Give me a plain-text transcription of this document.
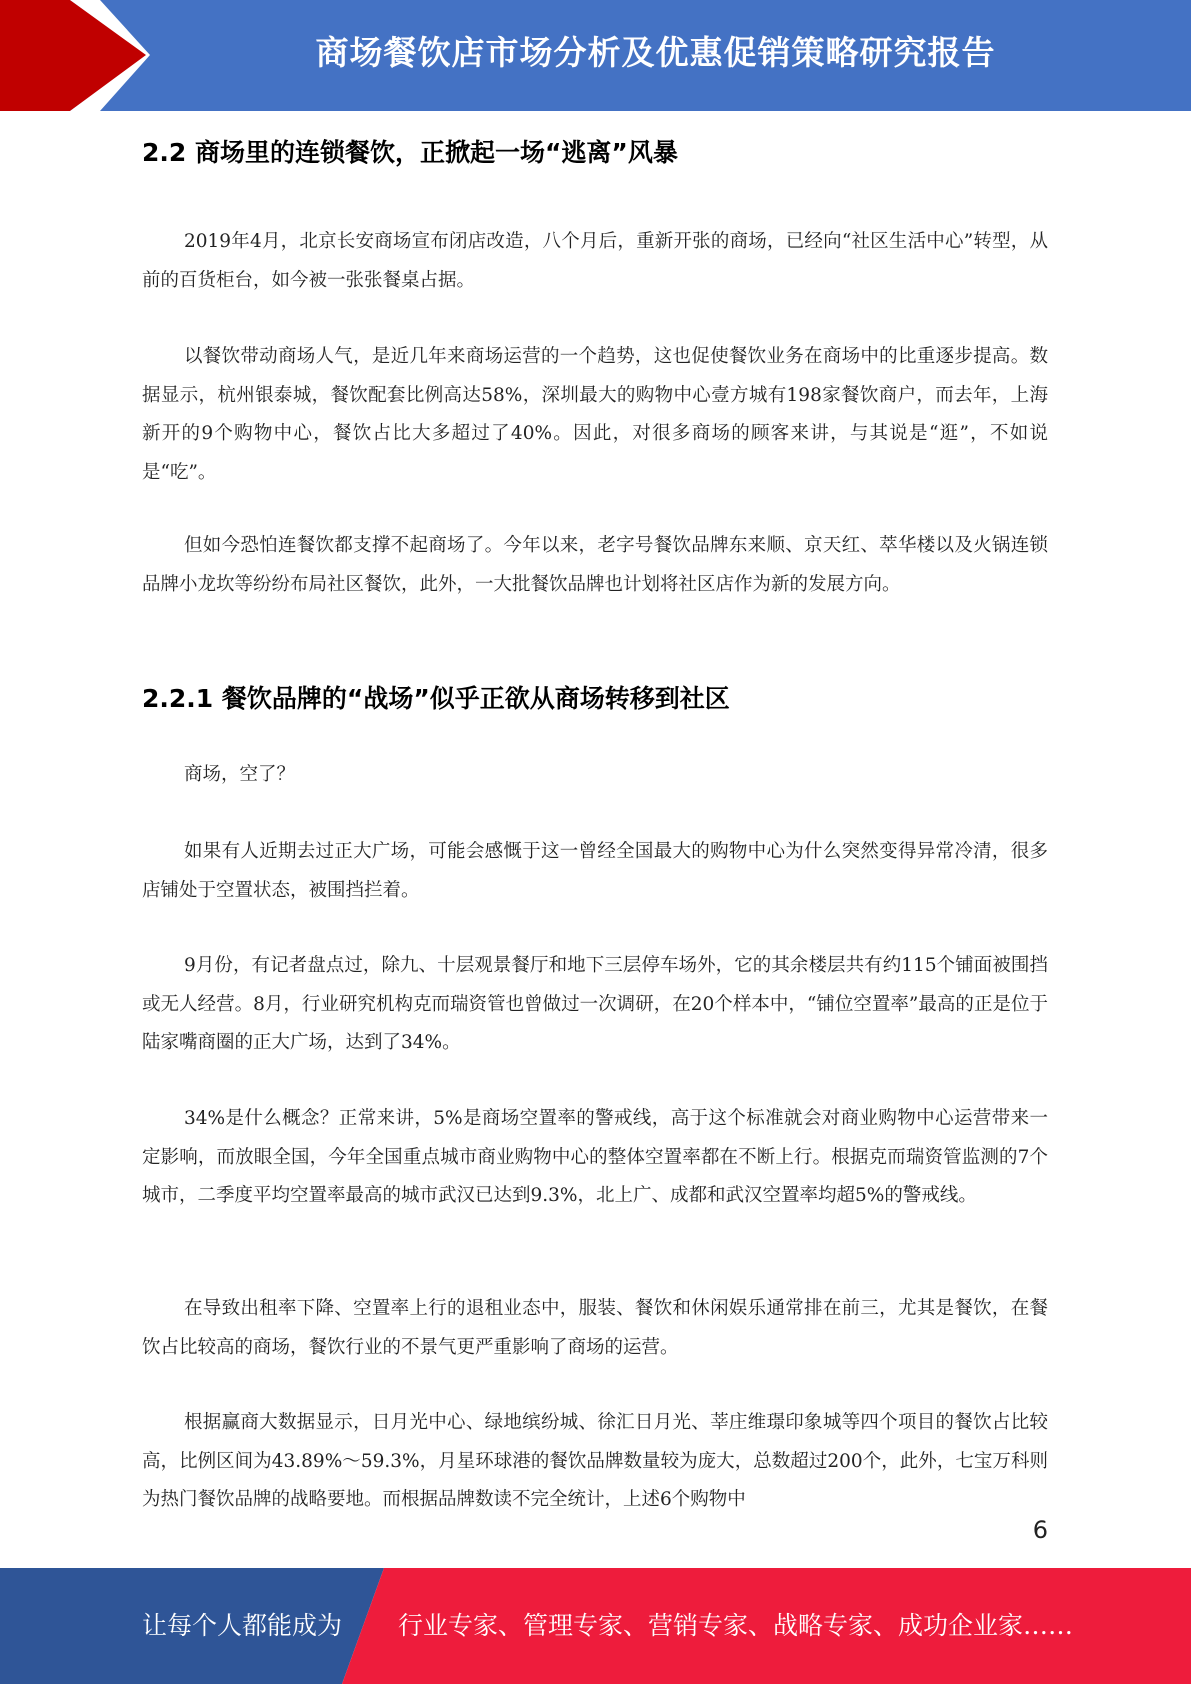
商场餐饮店市场分析及优惠促销策略研究报告
2.2 商场里的连锁餐饮，正掀起一场“逃离”风暴

2019年4月，北京长安商场宣布闭店改造，八个月后，重新开张的商场，已经向“社区生活中心”转型，从前的百货柜台，如今被一张张餐桌占据。

以餐饮带动商场人气，是近几年来商场运营的一个趋势，这也促使餐饮业务在商场中的比重逐步提高。数据显示，杭州银泰城，餐饮配套比例高达58%，深圳最大的购物中心壹方城有198家餐饮商户，而去年，上海新开的9个购物中心，餐饮占比大多超过了40%。因此，对很多商场的顾客来讲，与其说是“逛”，不如说是“吃”。

但如今恐怕连餐饮都支撑不起商场了。今年以来，老字号餐饮品牌东来顺、京天红、萃华楼以及火锅连锁品牌小龙坎等纷纷布局社区餐饮，此外，一大批餐饮品牌也计划将社区店作为新的发展方向。

2.2.1 餐饮品牌的“战场”似乎正欲从商场转移到社区

商场，空了？

如果有人近期去过正大广场，可能会感慨于这一曾经全国最大的购物中心为什么突然变得异常冷清，很多店铺处于空置状态，被围挡拦着。

9月份，有记者盘点过，除九、十层观景餐厅和地下三层停车场外，它的其余楼层共有约115个铺面被围挡或无人经营。8月，行业研究机构克而瑞资管也曾做过一次调研，在20个样本中，“铺位空置率”最高的正是位于陆家嘴商圈的正大广场，达到了34%。

34%是什么概念？正常来讲，5%是商场空置率的警戒线，高于这个标准就会对商业购物中心运营带来一定影响，而放眼全国，今年全国重点城市商业购物中心的整体空置率都在不断上行。根据克而瑞资管监测的7个城市，二季度平均空置率最高的城市武汉已达到9.3%，北上广、成都和武汉空置率均超5%的警戒线。

在导致出租率下降、空置率上行的退租业态中，服装、餐饮和休闲娱乐通常排在前三，尤其是餐饮，在餐饮占比较高的商场，餐饮行业的不景气更严重影响了商场的运营。

根据赢商大数据显示，日月光中心、绿地缤纷城、徐汇日月光、莘庄维璟印象城等四个项目的餐饮占比较高，比例区间为43.89%～59.3%，月星环球港的餐饮品牌数量较为庞大，总数超过200个，此外，七宝万科则为热门餐饮品牌的战略要地。而根据品牌数读不完全统计，上述6个购物中

6
让每个人都能成为 行业专家、管理专家、营销专家、战略专家、成功企业家……
